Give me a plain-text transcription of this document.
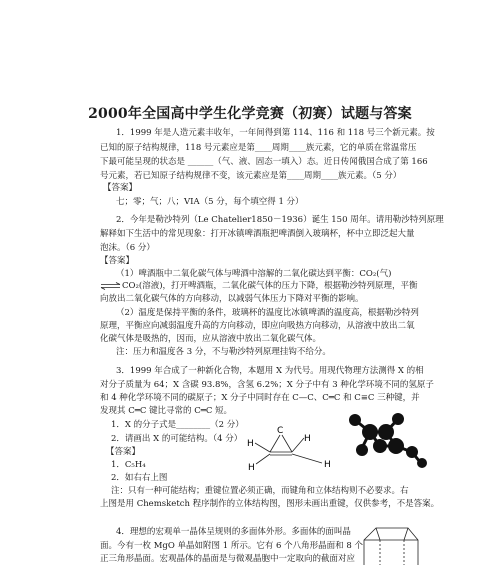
2000年全国高中学生化学竞赛（初赛）试题与答案
1．1999 年是人造元素丰收年，一年间得到第 114、116 和 118 号三个新元素。按
已知的原子结构规律，118 号元素应是第____周期____族元素，它的单质在常温常压
下最可能呈现的状态是 ______（气、液、固态一填入）态。近日传闻俄国合成了第 166
号元素，若已知原子结构规律不变，该元素应是第____周期____族元素。（5 分）
【答案】
七；零；气；八；VIA（5 分，每个填空得 1 分）
2．今年是勒沙特列（Le Chatelier1850－1936）诞生 150 周年。请用勒沙特列原理
解释如下生活中的常见现象：打开冰镇啤酒瓶把啤酒倒入玻璃杯，杯中立即泛起大量
泡沫。（6 分）
【答案】
（1）啤酒瓶中二氧化碳气体与啤酒中溶解的二氧化碳达到平衡：CO₂(气)
⇌ CO₂(溶液)，打开啤酒瓶，二氧化碳气体的压力下降，根据勒沙特列原理，平衡
向放出二氧化碳气体的方向移动，以减弱气体压力下降对平衡的影响。
（2）温度是保持平衡的条件，玻璃杯的温度比冰镇啤酒的温度高，根据勒沙特列
原理，平衡应向减弱温度升高的方向移动，即应向吸热方向移动，从溶液中放出二氧
化碳气体是吸热的，因而，应从溶液中放出二氧化碳气体。
注：压力和温度各 3 分，不与勒沙特列原理挂钩不给分。
3．1999 年合成了一种新化合物，本题用 X 为代号。用现代物理方法测得 X 的相
对分子质量为 64；X 含碳 93.8%，含氢 6.2%；X 分子中有 3 种化学环境不同的氢原子
和 4 种化学环境不同的碳原子；X 分子中同时存在 C—C、C═C 和 C≡C 三种键，并
发现其 C═C 键比寻常的 C═C 短。
1．X 的分子式是________（2 分）
2．请画出 X 的可能结构。（4 分）
【答案】
1．C₅H₄
2．如右右上图
注：只有一种可能结构；重键位置必须正确，而键角和立体结构则不必要求。右
上图是用 Chemsketch 程序制作的立体结构图，图形未画出重键，仅供参考，不是答案。
C
H
H
H
H
4．理想的宏观单一晶体呈规则的多面体外形。多面体的面叫晶
面。今有一枚 MgO 单晶如附图 1 所示。它有 6 个八角形晶面和 8 个
正三角形晶面。宏观晶体的晶面是与微观晶胞中一定取向的截面对应
